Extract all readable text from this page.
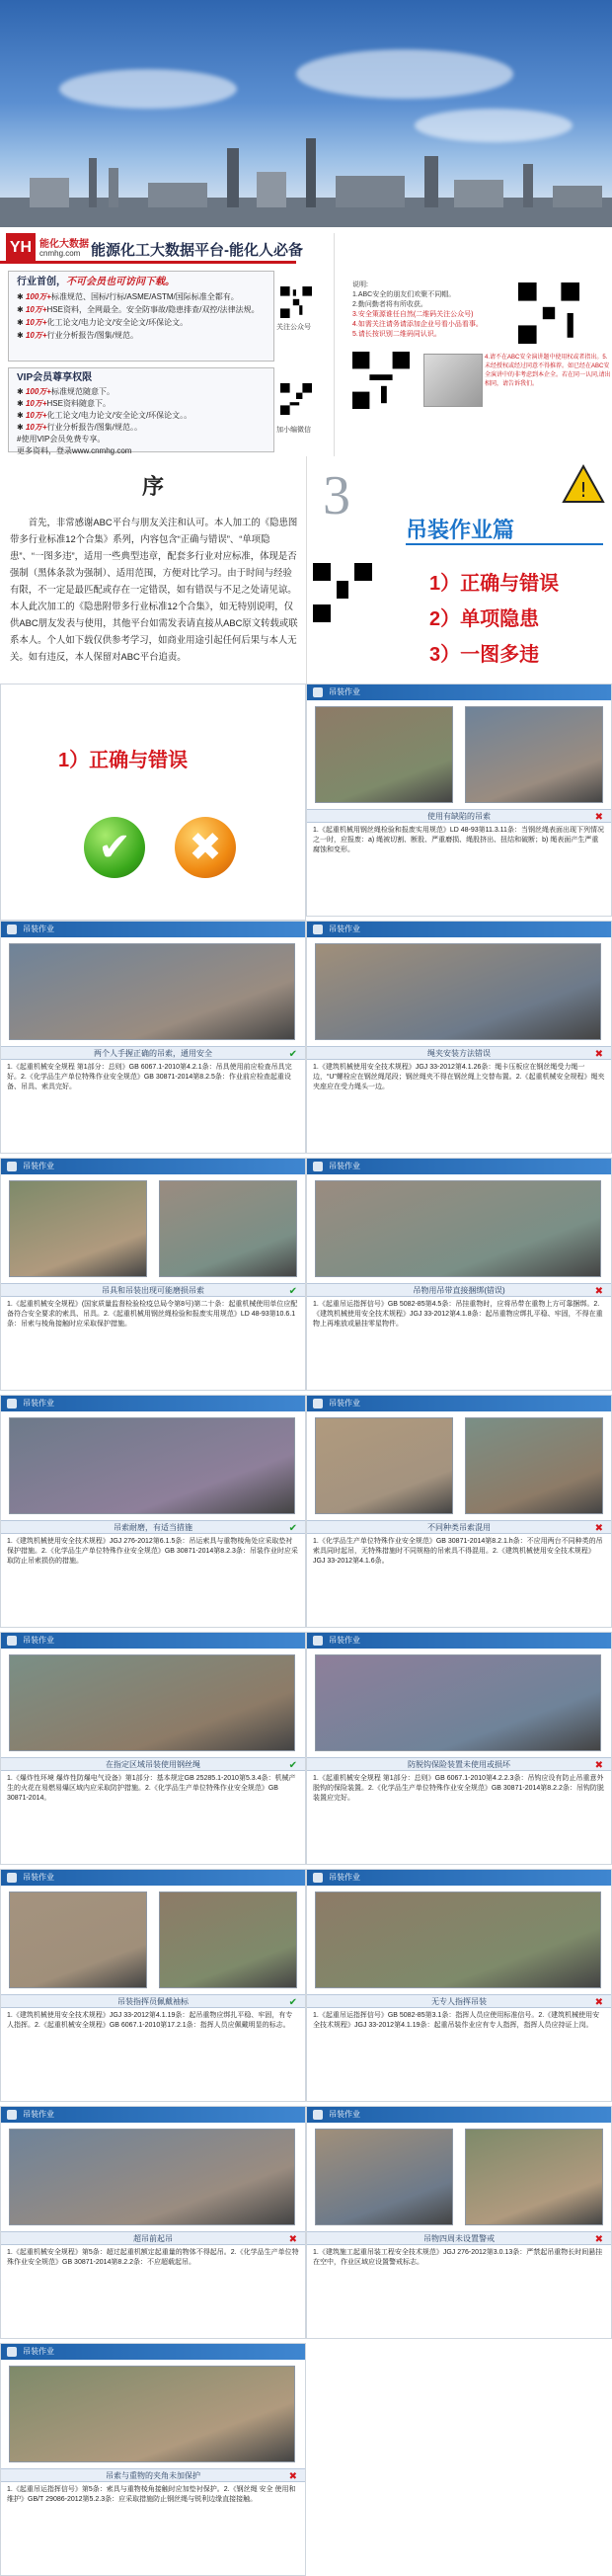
YH 能化大数据
cnmhg.com 能源化工大数据平台-能化人必备
行业首创，不可会员也可访问下载。
✱ 100万+标准规范、国标/行标/ASME/ASTM/国际标准全都有。
✱ 10万+HSE资料，全网最全。安全防事故/隐患排查/双控/法律法规。
✱ 10万+化工论文/电力论文/安全论文/环保论文。
✱ 10万+行业分析报告/图集/规范。
关注公众号
VIP会员尊享权限
✱ 100万+标准规范随意下。
✱ 10万+HSE资料随意下。
✱ 10万+化工论文/电力论文/安全论文/环保论文。。
✱ 10万+行业分析报告/图集/规范。。
#使用VIP会员免费专享。
更多资料，登录www.cnmhg.com
加小编微信
说明:
1.ABC安全的朋友们欢聚不同帽。
2.勤问勤者将有所收获。
3.安全策源谁任自然(二维码关注公众号)
4.如需关注请务请添加企业号看小品看事。
5.请长按识别二维码同认识。
4.请不在ABC安全演讲题中使用权或者指出。5.未经授权或经过同意不得推荐。如已经在ABC安全演讲中的非考虑到本企全。若在同一认同,请出相同，请告诉我们。
序
首先，非常感谢ABC平台与朋友关注和认可。本人加工的《隐患图带多行业标准12个合集》系列，内容包含“正确与错误”、“单项隐患”、“一图多违”，适用一些典型违章，配套多行业对应标准，体现是否强制（黑体条款为强制）、适用范围，方便对比学习。由于时间与经验有限，不一定是最匹配或存在一定错误，如有错误与不足之处请见谅。本人此次加工的《隐患附带多行业标准12个合集》，如无特别说明，仅供ABC朋友发表与使用，其他平台如需发表请直接从ABC原文转载或联系本人。个人如下载仅供参考学习，如商业用途引起任何后果与本人无关。如有违反，本人保留对ABC平台追责。
3	!
吊装作业篇
1）正确与错误
2）单项隐患
3）一图多违
1）正确与错误
✔	✖
吊装作业
使用有缺陷的吊索	✖
1.《起重机械用钢丝绳检验和报废实用规范》LD 48-93第11.3.11条：当钢丝绳表面出现下列情况之一时，应报废：a) 绳被切割、断股、严重磨损、绳股挤出、扭结和破断；b) 绳表面产生严重腐蚀和变形。
吊装作业
两个人手握正确的吊索，通用安全	✔
1.《起重机械安全规程 第1部分：总则》GB 6067.1-2010第4.2.1条：吊具使用前应检查吊具完好。2.《化学品生产单位特殊作业安全规范》GB 30871-2014第8.2.5条：作业前应检查起重设备、吊具、索具完好。
吊装作业
绳夹安装方法错误	✖
1.《建筑机械使用安全技术规程》JGJ 33-2012第4.1.26条：绳卡压板应在钢丝绳受力绳一边，“U”螺栓应在钢丝绳尾段；钢丝绳夹不得在钢丝绳上交替布置。2.《起重机械安全规程》绳夹夹座应在受力绳头一边。
吊装作业
吊具和吊装出现可能磨损吊索	✔
1.《起重机械安全规程》(国家质量监督检验检疫总局令第8号)第二十条：起重机械使用单位应配备符合安全要求的索具、吊具。2.《起重机械用钢丝绳检验和报废实用规范》LD 48-93第10.6.1条：吊索与棱角接触时应采取保护措施。
吊装作业
吊物用吊带直接捆绑(错误)	✖
1.《起重吊运指挥信号》GB 5082-85第4.5条：吊挂重物时，应将吊带在重物上方可靠捆绑。2.《建筑机械使用安全技术规程》JGJ 33-2012第4.1.8条：起吊重物应绑扎平稳、牢固，不得在重物上再堆放或悬挂零星物件。
吊装作业
吊索耐磨，有适当措施	✔
1.《建筑机械使用安全技术规程》JGJ 276-2012第6.1.5条：吊运索具与重物棱角处应采取垫衬保护措施。2.《化学品生产单位特殊作业安全规范》GB 30871-2014第8.2.3条：吊装作业时应采取防止吊索损伤的措施。
吊装作业
不同种类吊索混用	✖
1.《化学品生产单位特殊作业安全规范》GB 30871-2014第8.2.1.h条：不应用两台不同种类的吊索具同时起吊，无特殊措施时不同规格的吊索具不得混用。2.《建筑机械使用安全技术规程》JGJ 33-2012第4.1.6条。
吊装作业
在指定区域吊装使用钢丝绳	✔
1.《爆炸性环境 爆炸性防爆电气设备》第1部分：基本规定GB 25285.1-2010第5.3.4条：机械产生的火花在易燃易爆区域内应采取防护措施。2.《化学品生产单位特殊作业安全规范》GB 30871-2014。
吊装作业
防脱钩保险装置未使用或损坏	✖
1.《起重机械安全规程 第1部分：总则》GB 6067.1-2010第4.2.2.3条：吊钩应设有防止吊重意外脱钩的保险装置。2.《化学品生产单位特殊作业安全规范》GB 30871-2014第8.2.2条：吊钩防脱装置应完好。
吊装作业
吊装指挥员佩戴袖标	✔
1.《建筑机械使用安全技术规程》JGJ 33-2012第4.1.19条：起吊重物应绑扎平稳、牢固，有专人指挥。2.《起重机械安全规程》GB 6067.1-2010第17.2.1条：指挥人员应佩戴明显的标志。
吊装作业
无专人指挥吊装	✖
1.《起重吊运指挥信号》GB 5082-85第3.1条：指挥人员应使用标准信号。2.《建筑机械使用安全技术规程》JGJ 33-2012第4.1.19条：起重吊装作业应有专人指挥，指挥人员应持证上岗。
吊装作业
超吊前起吊	✖
1.《起重机械安全规程》第5条：超过起重机额定起重量的物体不得起吊。2.《化学品生产单位特殊作业安全规范》GB 30871-2014第8.2.2条：不应超载起吊。
吊装作业
吊物四周未设置警戒	✖
1.《建筑施工起重吊装工程安全技术规范》JGJ 276-2012第3.0.13条：严禁起吊重物长时间悬挂在空中，作业区域应设置警戒标志。
吊装作业
吊索与重物的夹角未加保护	✖
1.《起重吊运指挥信号》第5条：索具与重物棱角接触时应加垫衬保护。2.《钢丝绳 安全 使用和维护》GB/T 29086-2012第5.2.3条：应采取措施防止钢丝绳与锐利边缘直接接触。
